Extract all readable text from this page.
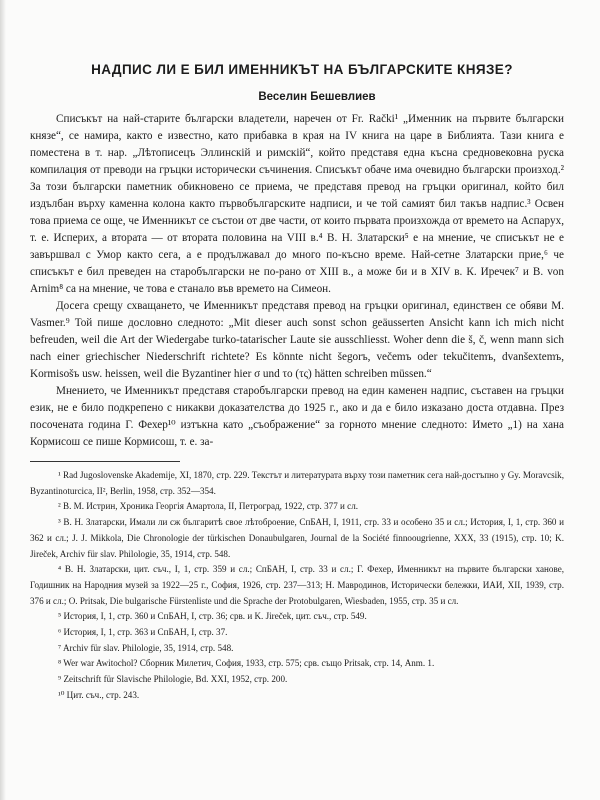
НАДПИС ЛИ Е БИЛ ИМЕННИКЪТ НА БЪЛГАРСКИТЕ КНЯЗЕ?
Веселин Бешевлиев

Списъкът на най-старите български владетели, наречен от Fr. Rački¹ „Именник на първите български князе“, се намира, както е известно, като прибавка в края на IV книга на царе в Библията. Тази книга е поместена в т. нар. „Лѣтописецъ Эллинскій и римскій“, който представя една късна средновековна руска компилация от преводи на гръцки исторически съчинения. Списъкът обаче има очевидно български произход.² За този български паметник обикновено се приема, че представя превод на гръцки оригинал, който бил издълбан върху каменна колона както първобългарските надписи, и че той самият бил такъв надпис.³ Освен това приема се още, че Именникът се състои от две части, от които първата произхожда от времето на Аспарух, т. е. Исперих, а втората — от втората половина на VIII в.⁴ В. Н. Златарски⁵ е на мнение, че списъкът не е завършвал с Умор както сега, а е продължавал до много по-късно време. Най-сетне Златарски приe,⁶ че списъкът е бил преведен на старобългарски не по-рано от XIII в., а може би и в XIV в. К. Иречек⁷ и B. von Arnim⁸ са на мнение, че това е станало във времето на Симеон.

Досега срещу схващането, че Именникът представя превод на гръцки оригинал, единствен се обяви M. Vasmer.⁹ Той пише дословно следното: „Mit dieser auch sonst schon geäusserten Ansicht kann ich mich nicht befreuden, weil die Art der Wiedergabe turko-tatarischer Laute sie ausschliesst. Woher denn die š, č, wenn mann sich nach einer griechischer Niederschrift richtete? Es könnte nicht šegorъ, večemъ oder tekučitemъ, dvanšextemъ, Kormisošъ usw. heissen, weil die Byzantiner hier σ und το (τς) hätten schreiben müssen.“

Мнението, че Именникът представя старобългарски превод на един каменен надпис, съставен на гръцки език, не е било подкрепено с никакви доказателства до 1925 г., ако и да е било изказано доста отдавна. През посочената година Г. Фехер¹⁰ изтъкна като „съображение“ за горното мнение следното: Името „1) на хана Кормисош се пише Кормисош, т. е. за-

¹ Rad Jugoslovenske Akademije, XI, 1870, стр. 229. Текстът и литературата върху този паметник сега най-достъпно у Gy. Moravcsik, Byzantinoturcica, II², Berlin, 1958, стр. 352—354.

² В. М. Истрин, Хроника Георгія Амартола, II, Петроград, 1922, стр. 377 и сл.

³ В. Н. Златарски, Имали ли сж българитѣ свое лѣтоброение, СпБАН, I, 1911, стр. 33 и особено 35 и сл.; История, I, 1, стр. 360 и 362 и сл.; J. J. Mikkola, Die Chronologie der türkischen Donaubulgaren, Journal de la Société finnoougrienne, XXX, 33 (1915), стр. 10; K. Jireček, Archiv für slav. Philologie, 35, 1914, стр. 548.

⁴ В. Н. Златарски, цит. съч., I, 1, стр. 359 и сл.; СпБАН, I, стр. 33 и сл.; Г. Фехер, Именникът на първите български ханове, Годишник на Народния музей за 1922—25 г., София, 1926, стр. 237—313; Н. Мавродинов, Исторически бележки, ИАИ, XII, 1939, стр. 376 и сл.; O. Pritsak, Die bulgarische Fürstenliste und die Sprache der Protobulgaren, Wiesbaden, 1955, стр. 35 и сл.

⁵ История, I, 1, стр. 360 и СпБАН, I, стр. 36; срв. и K. Jireček, цит. съч., стр. 549.

⁶ История, I, 1, стр. 363 и СпБАН, I, стр. 37.

⁷ Archiv für slav. Philologie, 35, 1914, стр. 548.

⁸ Wer war Awitochol? Сборник Милетич, София, 1933, стр. 575; срв. също Pritsak, стр. 14, Anm. 1.

⁹ Zeitschrift für Slavische Philologie, Bd. XXI, 1952, стр. 200.

¹⁰ Цит. съч., стр. 243.
